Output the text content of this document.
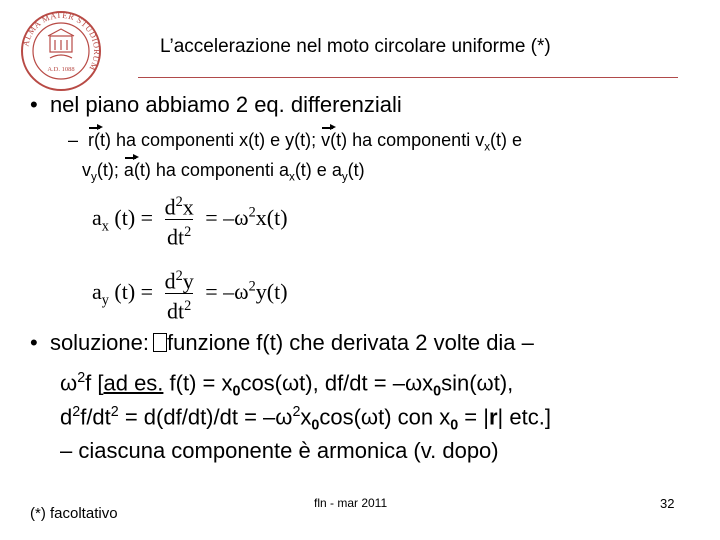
ALMA MATER STUDIORUM
A.D. 1088
L’accelerazione nel moto circolare uniforme (*)
• nel piano abbiamo 2 eq. differenziali
– r(t) ha componenti x(t) e y(t); v(t) ha componenti $v_x(t)$ e
$v_y(t)$; a(t) ha componenti $a_x(t)$ e $a_y(t)$
$a_x$ $(t) = \frac{d^2x}{dt^2} = -\omega^2x(t)$
$a_y$ $(t) = \frac{d^2y}{dt^2} = -\omega^2y(t)$
• soluzione: funzione f(t) che derivata 2 volte dia –
$\omega^2f$ [ad es. $f(t) = x_0\cos(\omega t)$, $df/dt = -\omega x_0\sin(\omega t)$,
$d^2f/dt^2 = d(df/dt)/dt = -\omega^2x_0\cos(\omega t)$ con $x_0 = |r|$ etc.]
– ciascuna componente è armonica (v. dopo)
(*) facoltativo
fln - mar 2011	32
